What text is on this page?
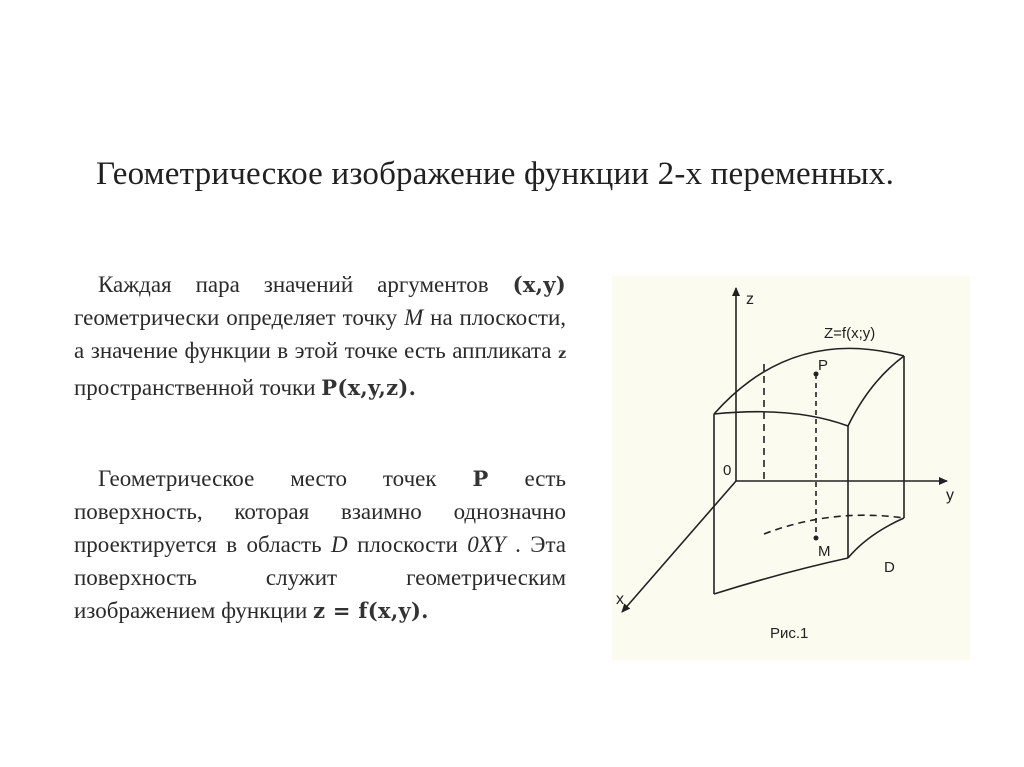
Геометрическое изображение функции 2-х переменных.
Каждая пара значений аргументов (x,y) геометрически определяет точку M на плоскости, а значение функции в этой точке есть аппликата z пространственной точки P(x,y,z).
Геометрическое место точек P есть поверхность, которая взаимно однозначно проектируется в область D плоскости 0XY . Эта поверхность служит геометрическим изображением функции z = f(x,y).
z
y
x
0
Z=f(x;y)
P
M
D
Рис.1
